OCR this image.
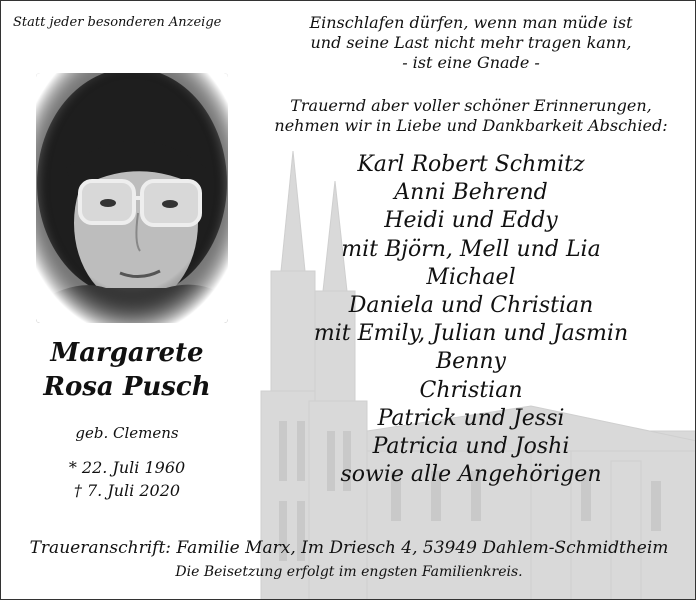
Statt jeder besonderen Anzeige
Margarete
Rosa Pusch
geb. Clemens
* 22. Juli 1960
† 7. Juli 2020
Einschlafen dürfen, wenn man müde ist
und seine Last nicht mehr tragen kann,
- ist eine Gnade -
Trauernd aber voller schöner Erinnerungen,
nehmen wir in Liebe und Dankbarkeit Abschied:
Karl Robert Schmitz
Anni Behrend
Heidi und Eddy
mit Björn, Mell und Lia
Michael
Daniela und Christian
mit Emily, Julian und Jasmin
Benny
Christian
Patrick und Jessi
Patricia und Joshi
sowie alle Angehörigen
Traueranschrift: Familie Marx, Im Driesch 4, 53949 Dahlem-Schmidtheim
Die Beisetzung erfolgt im engsten Familienkreis.
